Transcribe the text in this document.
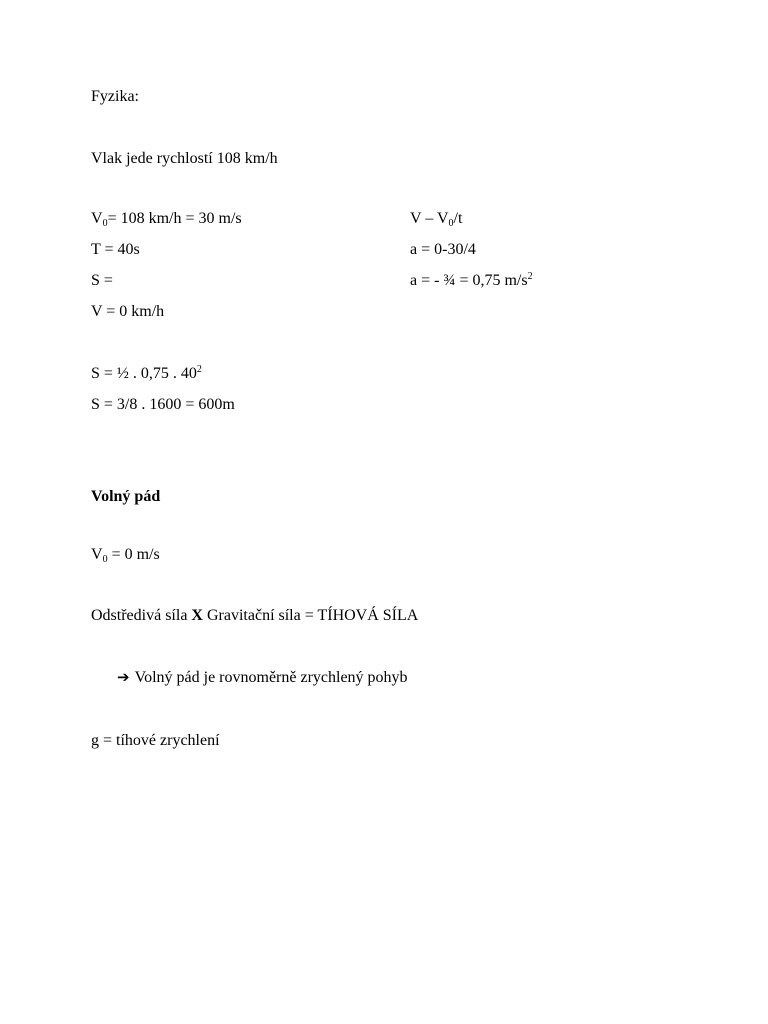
Fyzika:
Vlak jede rychlostí 108 km/h
$V_0= 108$ km/h = 30 m/s	V – $V_0/t$
T = 40s	a = 0-30/4
S =	a = - ¾ = 0,75 $m/s^2$
V = 0 km/h
S = ½ . 0,75 . $40^2$
S = 3/8 . 1600 = 600m
Volný pád
$V_0 = 0$ m/s
Odstředivá síla X Gravitační síla = TÍHOVÁ SÍLA
➔ Volný pád je rovnoměrně zrychlený pohyb
g = tíhové zrychlení
